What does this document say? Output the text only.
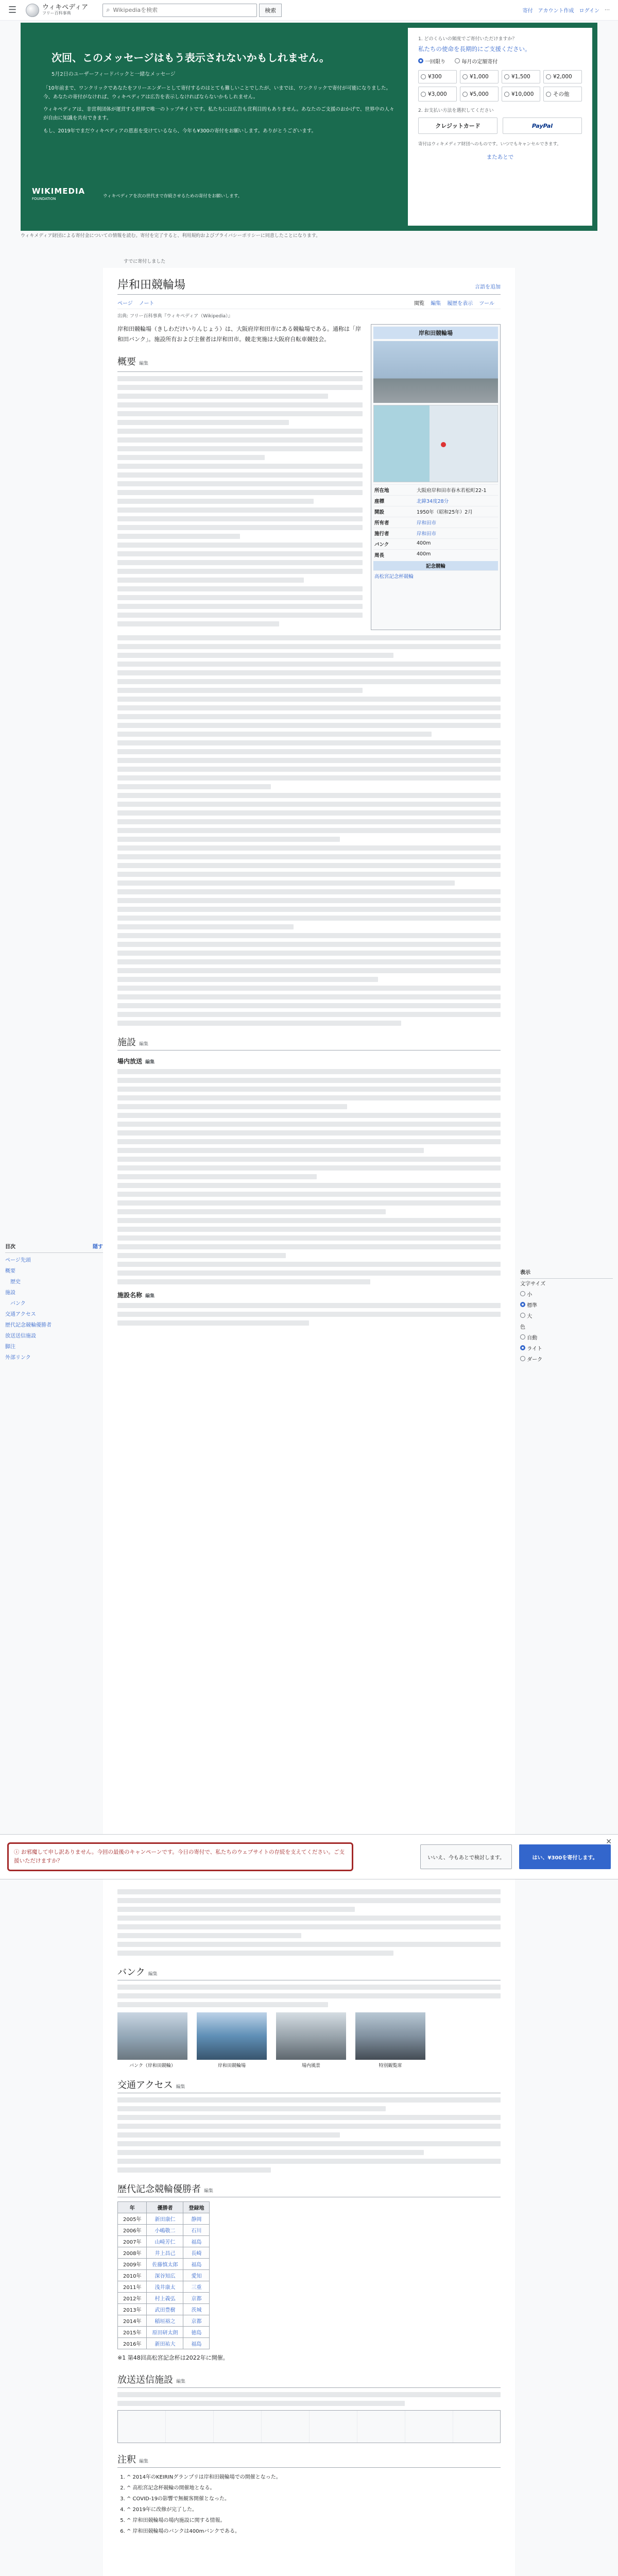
☰	ウィキペディア
フリー百科事典	⌕
Wikipediaを検索	検索	寄付 アカウント作成 ログイン ⋯
次回、このメッセージはもう表示されないかもしれません。
5月2日のユーザーフィードバックと一緒なメッセージ

「10年前まで、ワンクリックであなたをフリーエンダーとして寄付するのはとても難しいことでしたが、いまでは、ワンクリックで寄付が可能になりました。今、あなたの寄付がなければ、ウィキペディアは広告を表示しなければならないかもしれません。

ウィキペディアは、非営利団体が運営する世界で唯一のトップサイトです。私たちには広告も営利目的もありません。あなたのご支援のおかげで、世界中の人々が自由に知識を共有できます。

もし、2019年でまだウィキペディアの恩恵を受けているなら、今年も¥300の寄付をお願いします。ありがとうございます。

WIKIMEDIA
FOUNDATION	ウィキペディアを次の世代まで存続させるための寄付をお願いします。
1. どのくらいの頻度でご寄付いただけますか？
私たちの使命を長期的にご支援ください。
一回限り	毎月の定額寄付
¥300	¥1,000	¥1,500	¥2,000
¥3,000	¥5,000	¥10,000	その他
2. お支払い方法を選択してください
クレジットカード	PayPal
寄付はウィキメディア財団へのものです。いつでもキャンセルできます。
またあとで
✕
ウィキメディア財団による寄付金についての情報を読む。寄付を完了すると、利用規約およびプライバシーポリシーに同意したことになります。
すでに寄付しました
目次	隠す
ページ先頭
概要
歴史
施設
バンク
交通アクセス
歴代記念競輪優勝者
放送送信施設
脚注
外部リンク
表示
文字サイズ
小
標準
大
色
自動
ライト
ダーク
岸和田競輪場	言語を追加
ページ ノート	閲覧 編集 履歴を表示 ツール
出典: フリー百科事典『ウィキペディア（Wikipedia）』

岸和田競輪場（きしわだけいりんじょう）は、大阪府岸和田市にある競輪場である。通称は「岸和田バンク」。施設所有および主催者は岸和田市。競走実施は大阪府自転車競技会。

概要 編集
岸和田競輪場
所在地	大阪府岸和田市春木若松町22-1
座標	北緯34度28分
開設	1950年（昭和25年）2月
所有者	岸和田市
施行者	岸和田市
バンク	400m
周長	400m
記念競輪
高松宮記念杯競輪
施設 編集
場内放送 編集
施設名称 編集
ⓘ お邪魔して申し訳ありません。今回の最後のキャンペーンです。今日の寄付で、私たちのウェブサイトの存続を支えてください。ご支援いただけますか？	いいえ、今もあとで検討します。	はい、¥300を寄付します。
✕
バンク 編集
バンク（岸和田競輪）	岸和田競輪場	場内風景	特別観覧席
交通アクセス 編集
歴代記念競輪優勝者 編集
年	優勝者	登録地
2005年	新田康仁	静岡
2006年	小嶋敬二	石川
2007年	山崎芳仁	福島
2008年	井上昌己	長崎
2009年	佐藤慎太郎	福島
2010年	深谷知広	愛知
2011年	浅井康太	三重
2012年	村上義弘	京都
2013年	武田豊樹	茨城
2014年	稲垣裕之	京都
2015年	原田研太朗	徳島
2016年	新田祐大	福島

※1 第48回高松宮記念杯は2022年に開催。

放送送信施設 編集
注釈 編集
1. ^ 2014年のKEIRINグランプリは岸和田競輪場での開催となった。
2. ^ 高松宮記念杯競輪の開催地となる。
3. ^ COVID-19の影響で無観客開催となった。
4. ^ 2019年に改修が完了した。
5. ^ 岸和田競輪場の場内施設に関する情報。
6. ^ 岸和田競輪場のバンクは400mバンクである。
